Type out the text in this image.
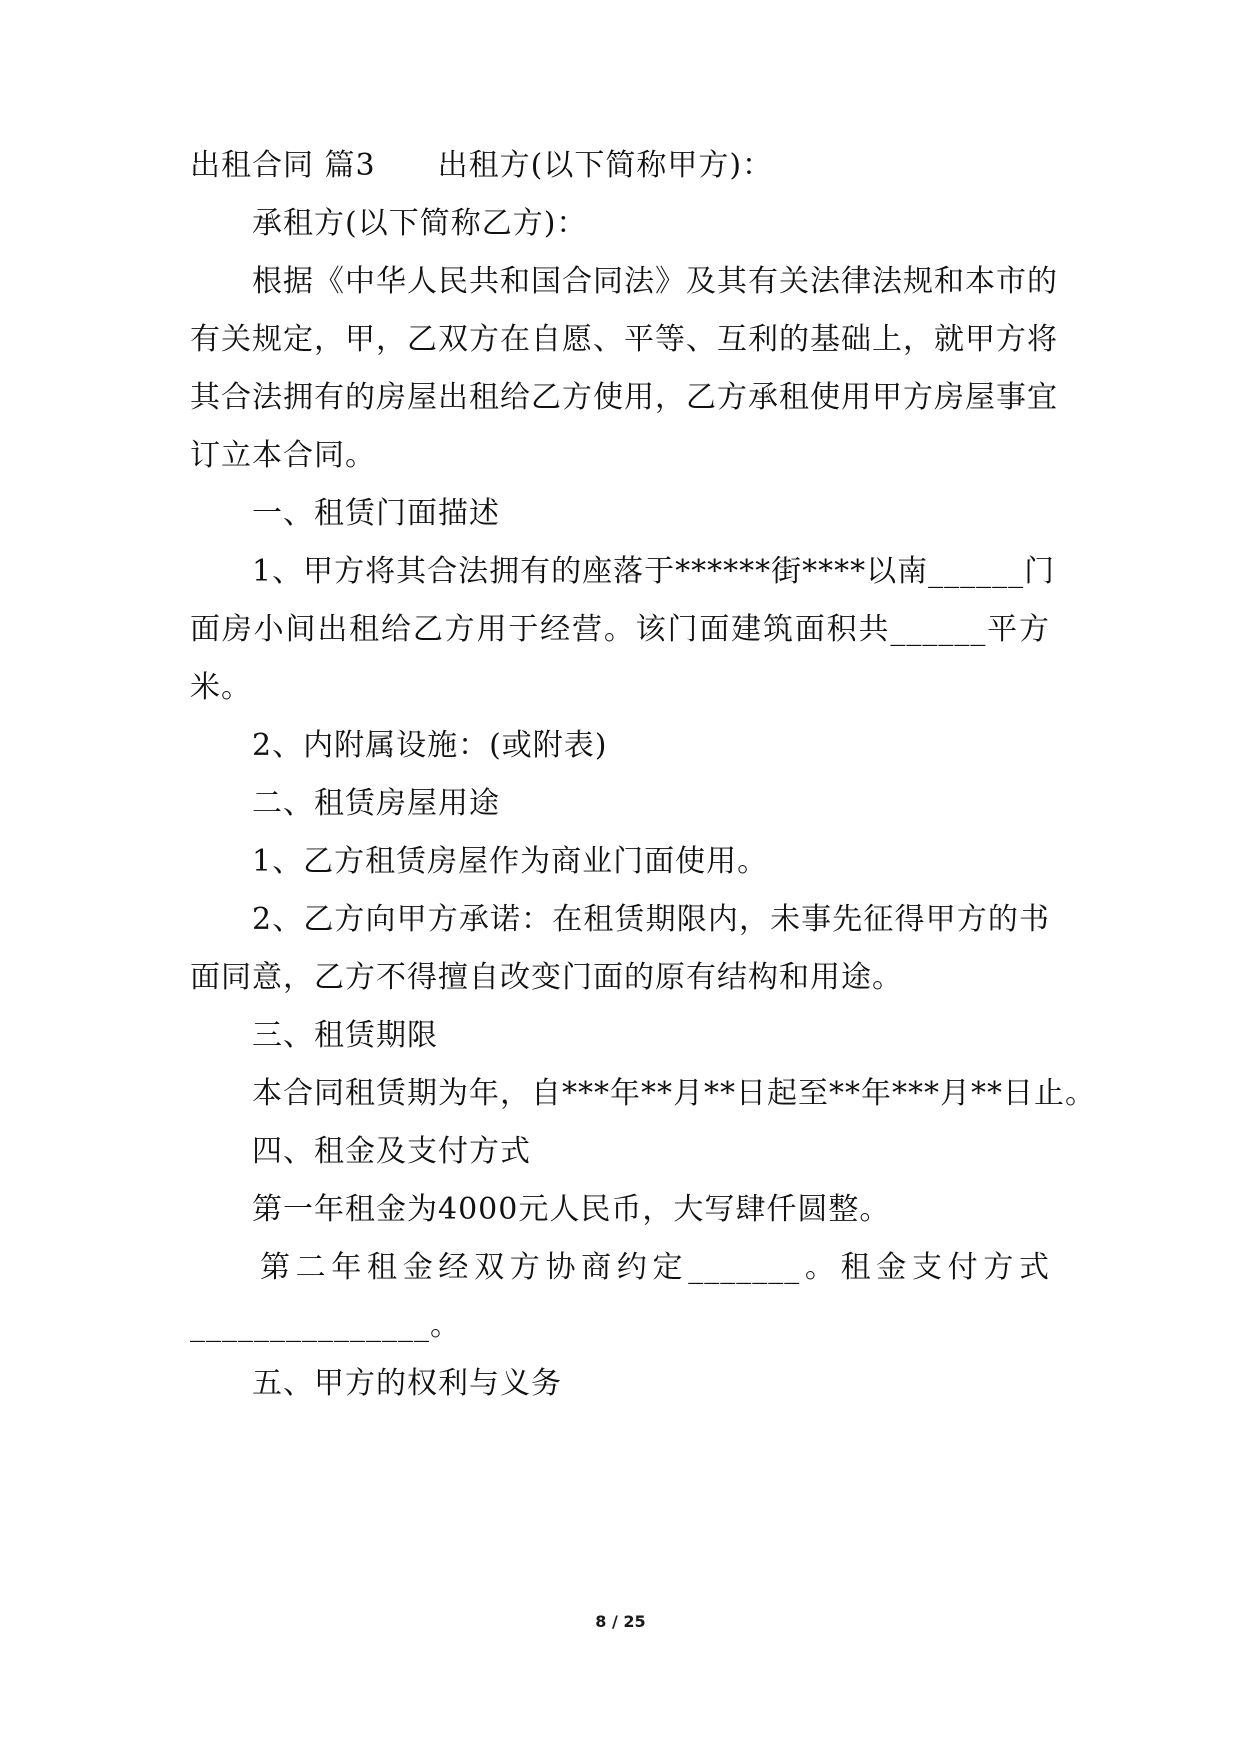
出租合同 篇3 出租方(以下简称甲方)：
承租方(以下简称乙方)：
根据《中华人民共和国合同法》及其有关法律法规和本市的
有关规定，甲，乙双方在自愿、平等、互利的基础上，就甲方将
其合法拥有的房屋出租给乙方使用，乙方承租使用甲方房屋事宜
订立本合同。
一、租赁门面描述
1、甲方将其合法拥有的座落于******街****以南______门
面房小间出租给乙方用于经营。该门面建筑面积共______平方
米。
2、内附属设施：(或附表)
二、租赁房屋用途
1、乙方租赁房屋作为商业门面使用。
2、乙方向甲方承诺：在租赁期限内，未事先征得甲方的书
面同意，乙方不得擅自改变门面的原有结构和用途。
三、租赁期限
本合同租赁期为年，自***年**月**日起至**年***月**日止。
四、租金及支付方式
第一年租金为4000元人民币，大写肆仟圆整。
第二年租金经双方协商约定_______。租金支付方式
_______________。
五、甲方的权利与义务
8 / 25
